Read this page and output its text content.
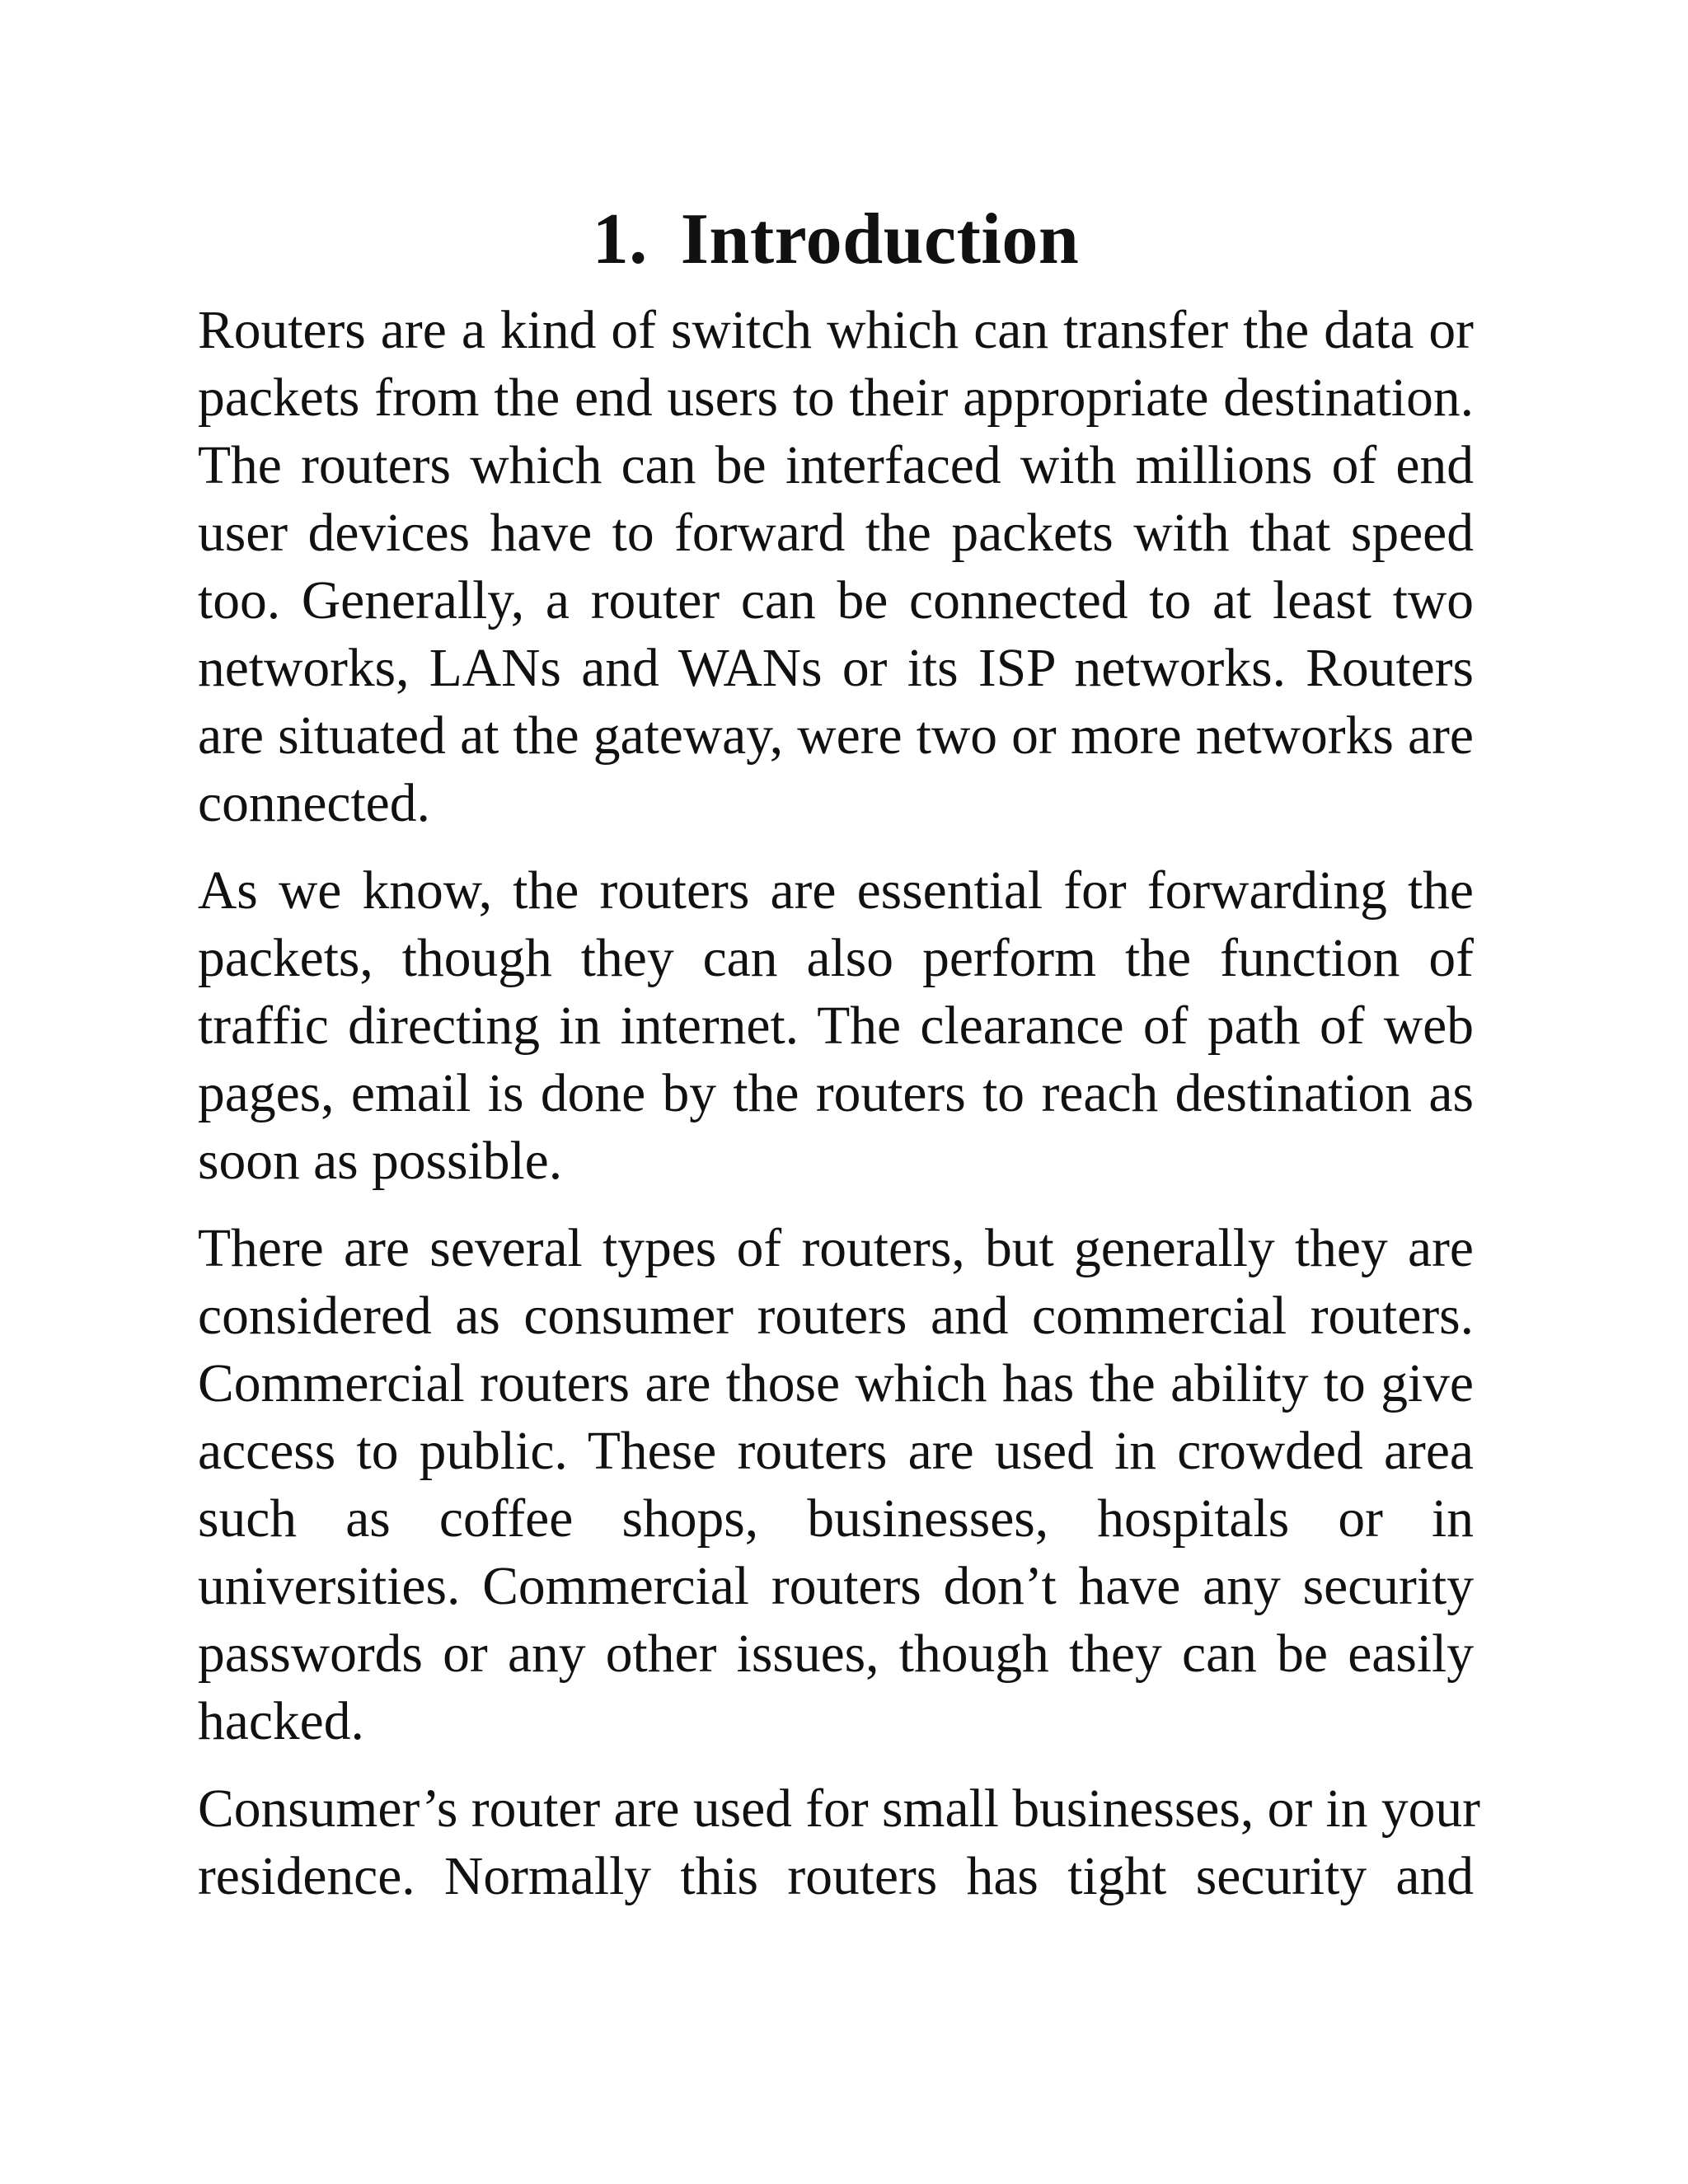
1. Introduction

Routers are a kind of switch which can transfer the data or
packets from the end users to their appropriate destination.
The routers which can be interfaced with millions of end
user devices have to forward the packets with that speed
too. Generally, a router can be connected to at least two
networks, LANs and WANs or its ISP networks. Routers
are situated at the gateway, were two or more networks are
connected.

As we know, the routers are essential for forwarding the
packets, though they can also perform the function of
traffic directing in internet. The clearance of path of web
pages, email is done by the routers to reach destination as
soon as possible.

There are several types of routers, but generally they are
considered as consumer routers and commercial routers.
Commercial routers are those which has the ability to give
access to public. These routers are used in crowded area
such as coffee shops, businesses, hospitals or in
universities. Commercial routers don’t have any security
passwords or any other issues, though they can be easily
hacked.

Consumer’s router are used for small businesses, or in your
residence. Normally this routers has tight security and
